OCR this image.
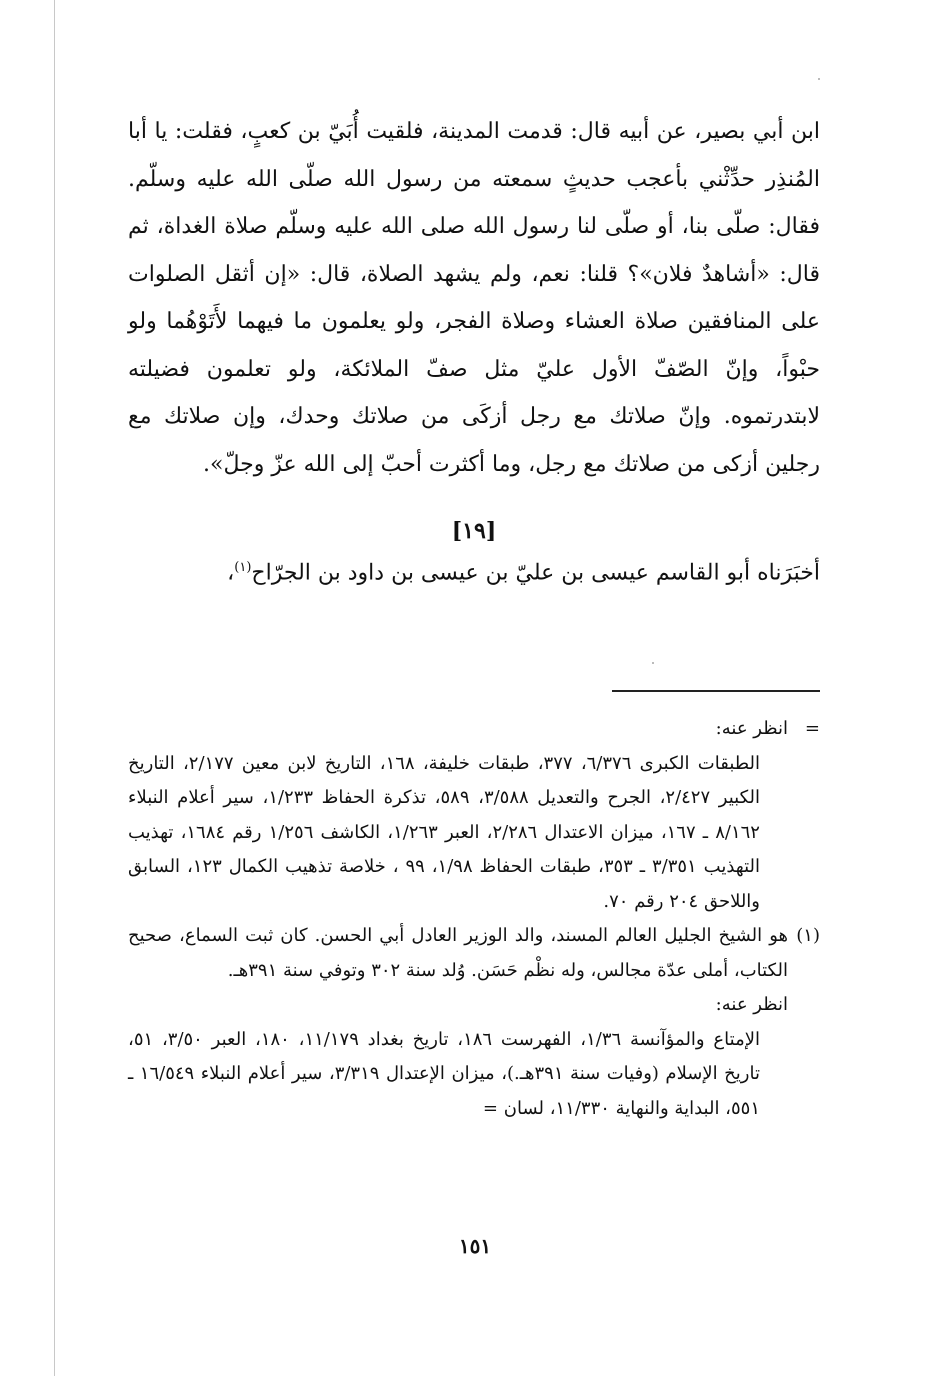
ابن أبي بصير، عن أبيه قال: قدمت المدينة، فلقيت أُبَيّ بن كعبٍ، فقلت: يا أبا المُنذِر حدِّثْني بأعجب حديثٍ سمعته من رسول الله صلّى الله عليه وسلّم. فقال: صلّى بنا، أو صلّى لنا رسول الله صلى الله عليه وسلّم صلاة الغداة، ثم قال: «أشاهدٌ فلان»؟ قلنا: نعم، ولم يشهد الصلاة، قال: «إن أثقل الصلوات على المنافقين صلاة العشاء وصلاة الفجر، ولو يعلمون ما فيهما لأَتَوْهُما ولو حبْواً، وإنّ الصّفّ الأول عليّ مثل صفّ الملائكة، ولو تعلمون فضيلته لابتدرتموه. وإنّ صلاتك مع رجل أزكَى من صلاتك وحدك، وإن صلاتك مع رجلين أزكى من صلاتك مع رجل، وما أكثرت أحبّ إلى الله عزّ وجلّ».

[١٩]

أخبَرَناه أبو القاسم عيسى بن عليّ بن عيسى بن داود بن الجرّاح$^{(١)}$،

=

انظر عنه:

الطبقات الكبرى ٦/٣٧٦، ٣٧٧، طبقات خليفة، ١٦٨، التاريخ لابن معين ٢/١٧٧، التاريخ الكبير ٢/٤٢٧، الجرح والتعديل ٣/٥٨٨، ٥٨٩، تذكرة الحفاظ ١/٢٣٣، سير أعلام النبلاء ٨/١٦٢ ـ ١٦٧، ميزان الاعتدال ٢/٢٨٦، العبر ١/٢٦٣، الكاشف ١/٢٥٦ رقم ١٦٨٤، تهذيب التهذيب ٣/٣٥١ ـ ٣٥٣، طبقات الحفاظ ١/٩٨، ٩٩ ، خلاصة تذهيب الكمال ١٢٣، السابق واللاحق ٢٠٤ رقم ٧٠.

(١)

هو الشيخ الجليل العالم المسند، والد الوزير العادل أبي الحسن. كان ثبت السماع، صحيح الكتاب، أملى عدّة مجالس، وله نظْم حَسَن. وُلد سنة ٣٠٢ وتوفي سنة ٣٩١هـ.

انظر عنه:

الإمتاع والمؤآنسة ١/٣٦، الفهرست ١٨٦، تاريخ بغداد ١١/١٧٩، ١٨٠، العبر ٣/٥٠، ٥١، تاريخ الإسلام (وفيات سنة ٣٩١هـ.)، ميزان الإعتدال ٣/٣١٩، سير أعلام النبلاء ١٦/٥٤٩ ـ ٥٥١، البداية والنهاية ١١/٣٣٠، لسان =

١٥١
